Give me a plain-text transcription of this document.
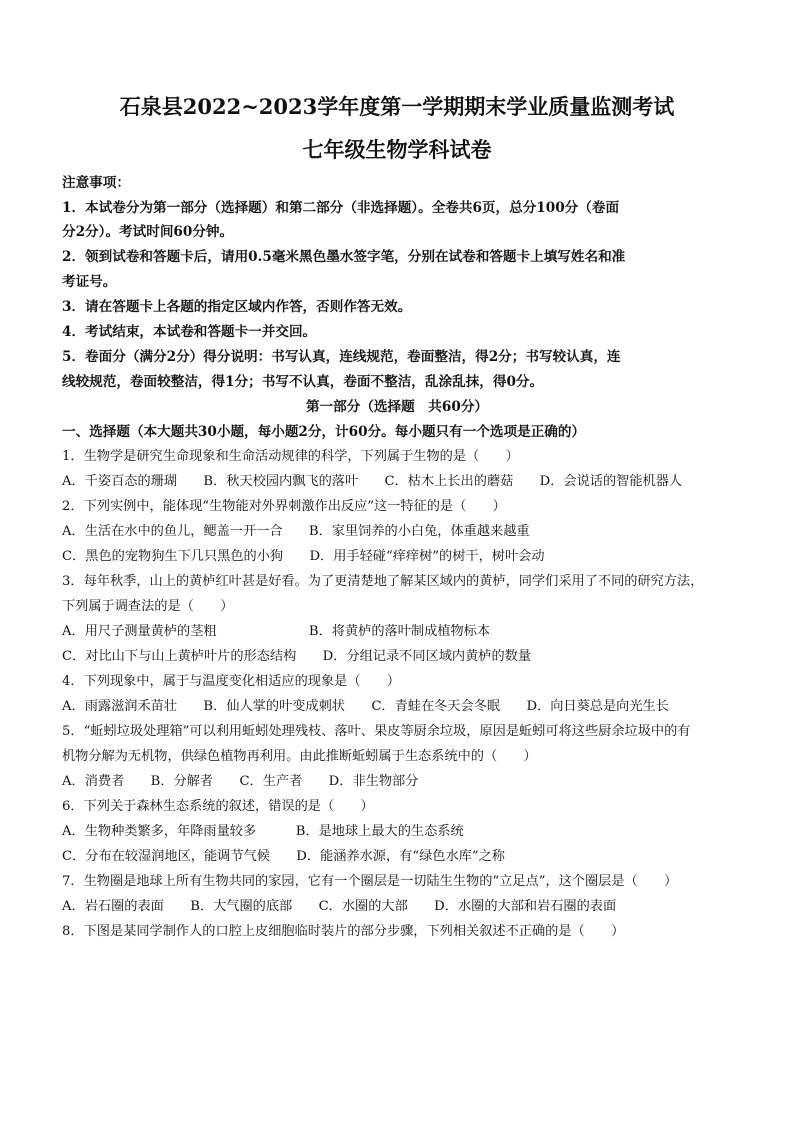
石泉县2022~2023学年度第一学期期末学业质量监测考试
七年级生物学科试卷
注意事项：
1．本试卷分为第一部分（选择题）和第二部分（非选择题）。全卷共6页，总分100分（卷面
分2分）。考试时间60分钟。
2．领到试卷和答题卡后，请用0.5毫米黑色墨水签字笔，分别在试卷和答题卡上填写姓名和准
考证号。
3．请在答题卡上各题的指定区域内作答，否则作答无效。
4．考试结束，本试卷和答题卡一并交回。
5．卷面分（满分2分）得分说明：书写认真，连线规范，卷面整洁，得2分；书写较认真，连
线较规范，卷面较整洁，得1分；书写不认真，卷面不整洁，乱涂乱抹，得0分。
第一部分（选择题　共60分）
一、选择题（本大题共30小题，每小题2分，计60分。每小题只有一个选项是正确的）
1．生物学是研究生命现象和生命活动规律的科学，下列属于生物的是（　　）
A．千姿百态的珊瑚　　B．秋天校园内飘飞的落叶　　C．枯木上长出的蘑菇　　D．会说话的智能机器人
2．下列实例中，能体现“生物能对外界刺激作出反应”这一特征的是（　　）
A．生活在水中的鱼儿，鳃盖一开一合　　B．家里饲养的小白兔，体重越来越重
C．黑色的宠物狗生下几只黑色的小狗　　D．用手轻碰“痒痒树”的树干，树叶会动
3．每年秋季，山上的黄栌红叶甚是好看。为了更清楚地了解某区域内的黄栌，同学们采用了不同的研究方法，
下列属于调查法的是（　　）
A．用尺子测量黄栌的茎粗　　　　　　　B．将黄栌的落叶制成植物标本
C．对比山下与山上黄栌叶片的形态结构　　D．分组记录不同区域内黄栌的数量
4．下列现象中，属于与温度变化相适应的现象是（　　）
A．雨露滋润禾苗壮　　B．仙人掌的叶变成刺状　　C．青蛙在冬天会冬眠　　D．向日葵总是向光生长
5．“蚯蚓垃圾处理箱”可以利用蚯蚓处理残枝、落叶、果皮等厨余垃圾，原因是蚯蚓可将这些厨余垃圾中的有
机物分解为无机物，供绿色植物再利用。由此推断蚯蚓属于生态系统中的（　　）
A．消费者　　B．分解者　　C．生产者　　D．非生物部分
6．下列关于森林生态系统的叙述，错误的是（　　）
A．生物种类繁多，年降雨量较多　　　B．是地球上最大的生态系统
C．分布在较湿润地区，能调节气候　　D．能涵养水源，有“绿色水库”之称
7．生物圈是地球上所有生物共同的家园，它有一个圈层是一切陆生生物的“立足点”，这个圈层是（　　）
A．岩石圈的表面　　B．大气圈的底部　　C．水圈的大部　　D．水圈的大部和岩石圈的表面
8．下图是某同学制作人的口腔上皮细胞临时装片的部分步骤，下列相关叙述不正确的是（　　）
